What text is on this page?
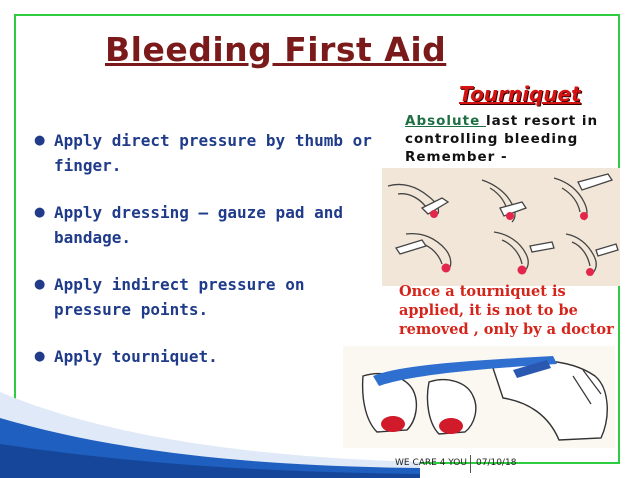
Bleeding First Aid
Tourniquet
● Apply direct pressure by thumb or finger.
● Apply dressing – gauze pad and bandage.
● Apply indirect pressure on pressure points.
● Apply tourniquet.
Absolute last resort in controlling bleeding Remember -
Once a tourniquet is applied, it is not to be removed , only by a doctor
WE CARE 4 YOU 07/10/18
